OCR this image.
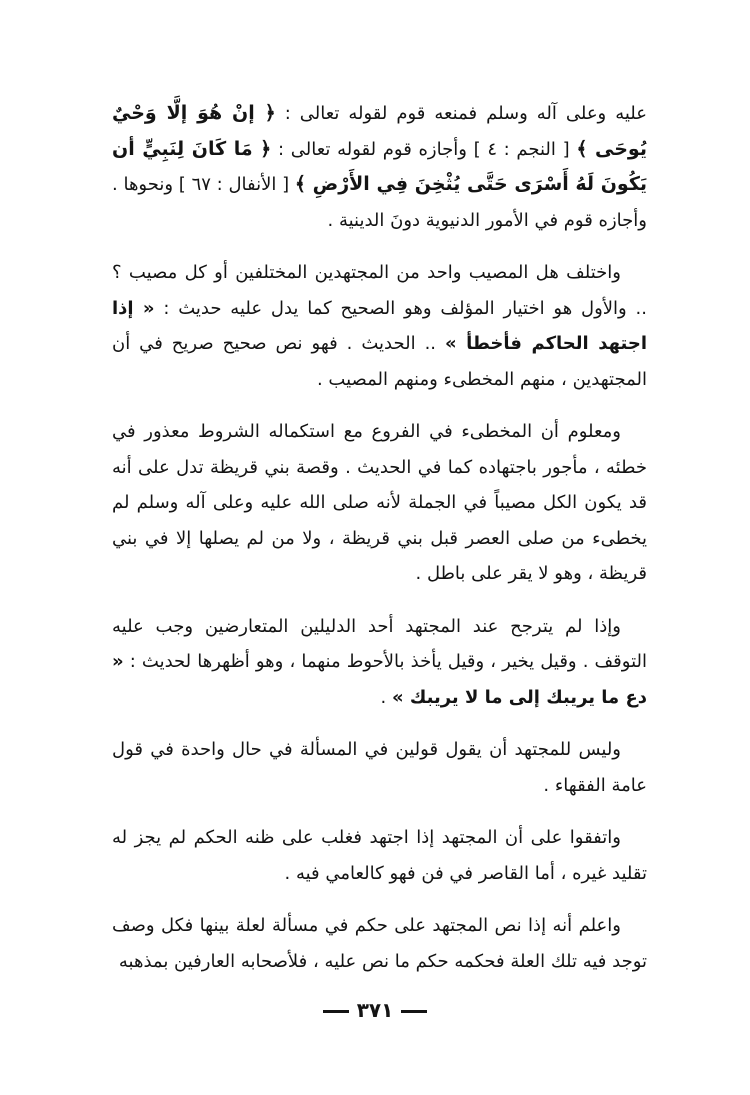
عليه وعلى آله وسلم فمنعه قوم لقوله تعالى : ﴿ إنْ هُوَ إلَّا وَحْيٌ يُوحَى ﴾ [ النجم : ٤ ] وأجازه قوم لقوله تعالى : ﴿ مَا كَانَ لِنَبِيٍّ أن يَكُونَ لَهُ أَسْرَى حَتَّى يُثْخِنَ فِي الأَرْضِ ﴾ [ الأنفال : ٦٧ ] ونحوها . وأجازه قوم في الأمور الدنيوية دونَ الدينية .

واختلف هل المصيب واحد من المجتهدين المختلفين أو كل مصيب ؟ .. والأول هو اختيار المؤلف وهو الصحيح كما يدل عليه حديث : « إذا اجتهد الحاكم فأخطأ » .. الحديث . فهو نص صحيح صريح في أن المجتهدين ، منهم المخطىء ومنهم المصيب .

ومعلوم أن المخطىء في الفروع مع استكماله الشروط معذور في خطئه ، مأجور باجتهاده كما في الحديث . وقصة بني قريظة تدل على أنه قد يكون الكل مصيباً في الجملة لأنه صلى الله عليه وعلى آله وسلم لم يخطىء من صلى العصر قبل بني قريظة ، ولا من لم يصلها إلا في بني قريظة ، وهو لا يقر على باطل .

وإذا لم يترجح عند المجتهد أحد الدليلين المتعارضين وجب عليه التوقف . وقيل يخير ، وقيل يأخذ بالأحوط منهما ، وهو أظهرها لحديث : « دع ما يريبك إلى ما لا يريبك » .

وليس للمجتهد أن يقول قولين في المسألة في حال واحدة في قول عامة الفقهاء .

واتفقوا على أن المجتهد إذا اجتهد فغلب على ظنه الحكم لم يجز له تقليد غيره ، أما القاصر في فن فهو كالعامي فيه .

واعلم أنه إذا نص المجتهد على حكم في مسألة لعلة بينها فكل وصف توجد فيه تلك العلة فحكمه حكم ما نص عليه ، فلأصحابه العارفين بمذهبه

٣٧١
